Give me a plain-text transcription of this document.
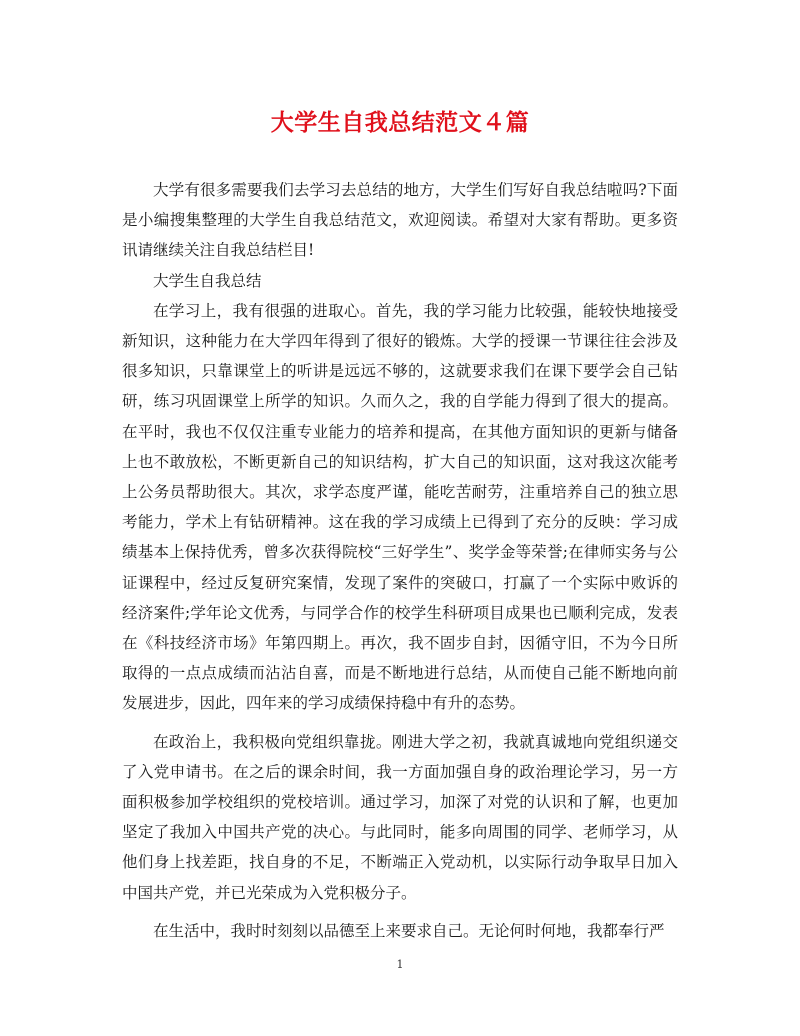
大学生自我总结范文４篇

大学有很多需要我们去学习去总结的地方，大学生们写好自我总结啦吗?下面是小编搜集整理的大学生自我总结范文，欢迎阅读。希望对大家有帮助。更多资讯请继续关注自我总结栏目!

大学生自我总结

在学习上，我有很强的进取心。首先，我的学习能力比较强，能较快地接受新知识，这种能力在大学四年得到了很好的锻炼。大学的授课一节课往往会涉及很多知识，只靠课堂上的听讲是远远不够的，这就要求我们在课下要学会自己钻研，练习巩固课堂上所学的知识。久而久之，我的自学能力得到了很大的提高。在平时，我也不仅仅注重专业能力的培养和提高，在其他方面知识的更新与储备上也不敢放松，不断更新自己的知识结构，扩大自己的知识面，这对我这次能考上公务员帮助很大。其次，求学态度严谨，能吃苦耐劳，注重培养自己的独立思考能力，学术上有钻研精神。这在我的学习成绩上已得到了充分的反映：学习成绩基本上保持优秀，曾多次获得院校“三好学生”、奖学金等荣誉;在律师实务与公证课程中，经过反复研究案情，发现了案件的突破口，打赢了一个实际中败诉的经济案件;学年论文优秀，与同学合作的校学生科研项目成果也已顺利完成，发表在《科技经济市场》年第四期上。再次，我不固步自封，因循守旧，不为今日所取得的一点点成绩而沾沾自喜，而是不断地进行总结，从而使自己能不断地向前发展进步，因此，四年来的学习成绩保持稳中有升的态势。

在政治上，我积极向党组织靠拢。刚进大学之初，我就真诚地向党组织递交了入党申请书。在之后的课余时间，我一方面加强自身的政治理论学习，另一方面积极参加学校组织的党校培训。通过学习，加深了对党的认识和了解，也更加坚定了我加入中国共产党的决心。与此同时，能多向周围的同学、老师学习，从他们身上找差距，找自身的不足，不断端正入党动机，以实际行动争取早日加入中国共产党，并已光荣成为入党积极分子。

在生活中，我时时刻刻以品德至上来要求自己。无论何时何地，我都奉行严

1
